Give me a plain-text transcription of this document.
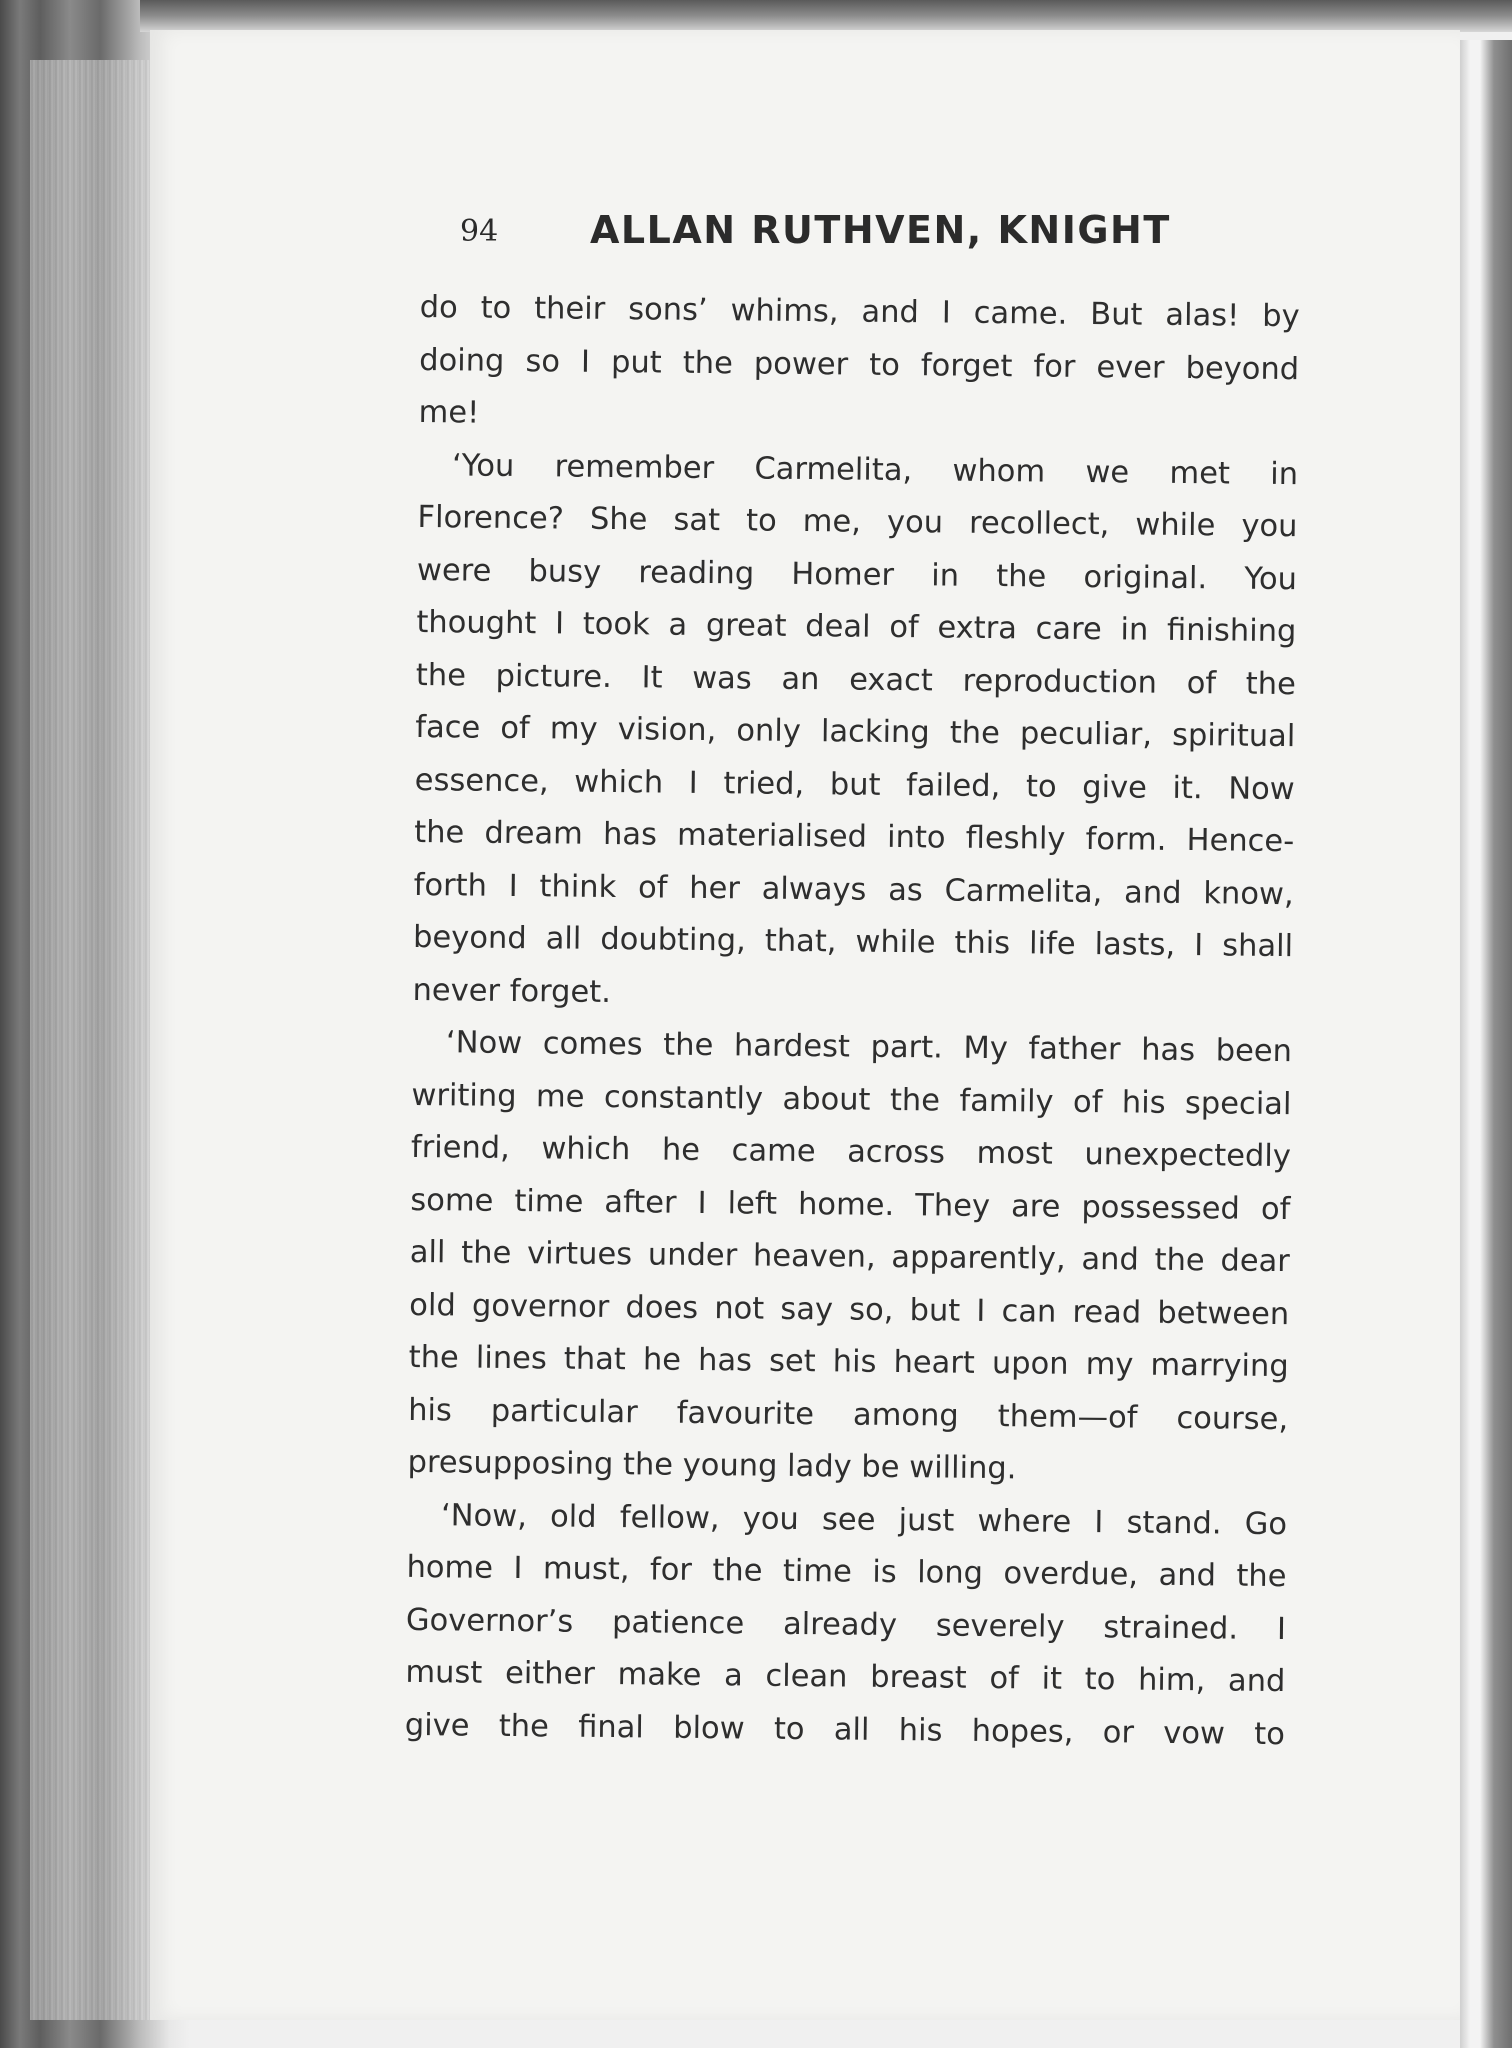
94 ALLAN RUTHVEN, KNIGHT
do to their sons’ whims, and I came. But alas! by
doing so I put the power to forget for ever beyond
me!
‘You remember Carmelita, whom we met in
Florence? She sat to me, you recollect, while you
were busy reading Homer in the original. You
thought I took a great deal of extra care in finishing
the picture. It was an exact reproduction of the
face of my vision, only lacking the peculiar, spiritual
essence, which I tried, but failed, to give it. Now
the dream has materialised into fleshly form. Hence-
forth I think of her always as Carmelita, and know,
beyond all doubting, that, while this life lasts, I shall
never forget.
‘Now comes the hardest part. My father has been
writing me constantly about the family of his special
friend, which he came across most unexpectedly
some time after I left home. They are possessed of
all the virtues under heaven, apparently, and the dear
old governor does not say so, but I can read between
the lines that he has set his heart upon my marrying
his particular favourite among them—of course,
presupposing the young lady be willing.
‘Now, old fellow, you see just where I stand. Go
home I must, for the time is long overdue, and the
Governor’s patience already severely strained. I
must either make a clean breast of it to him, and
give the final blow to all his hopes, or vow to
